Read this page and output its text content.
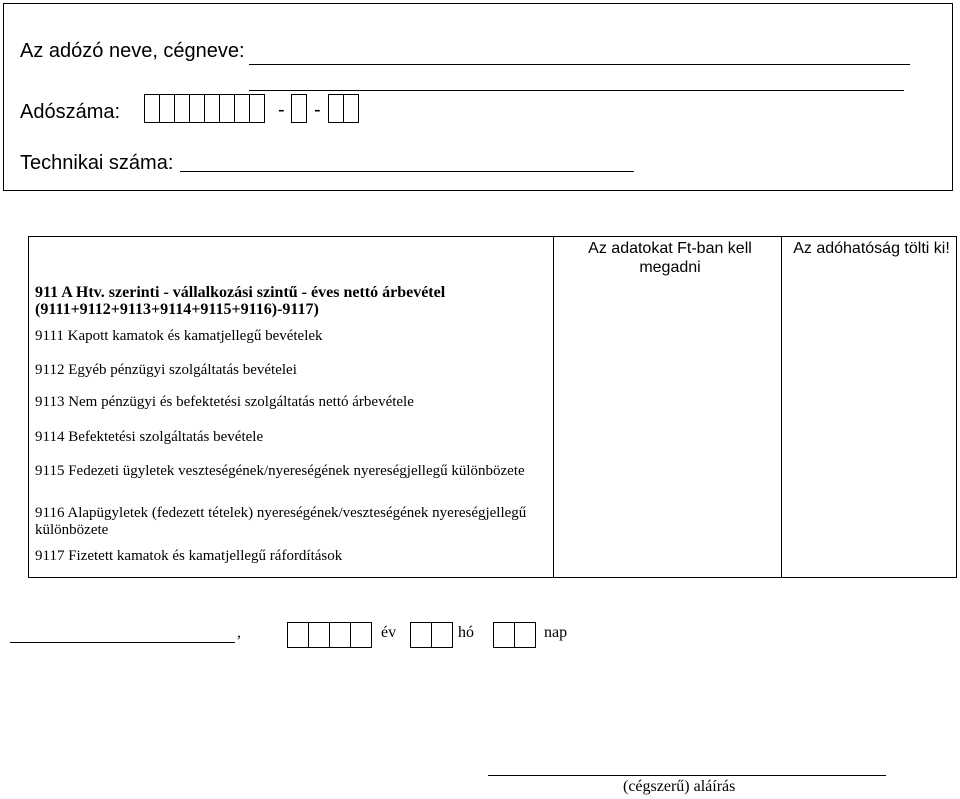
Az adózó neve, cégneve:
Adószáma:	- -
Technikai száma:
Az adatokat Ft-ban kell megadni
Az adóhatóság tölti ki!
911 A Htv. szerinti - vállalkozási szintű - éves nettó árbevétel (9111+9112+9113+9114+9115+9116)-9117)
9111 Kapott kamatok és kamatjellegű bevételek
9112 Egyéb pénzügyi szolgáltatás bevételei
9113 Nem pénzügyi és befektetési szolgáltatás nettó árbevétele
9114 Befektetési szolgáltatás bevétele
9115 Fedezeti ügyletek veszteségének/nyereségének nyereségjellegű különbözete
9116 Alapügyletek (fedezett tételek) nyereségének/veszteségének nyereségjellegű különbözete
9117 Fizetett kamatok és kamatjellegű ráfordítások
,	év	hó	nap
(cégszerű) aláírás
